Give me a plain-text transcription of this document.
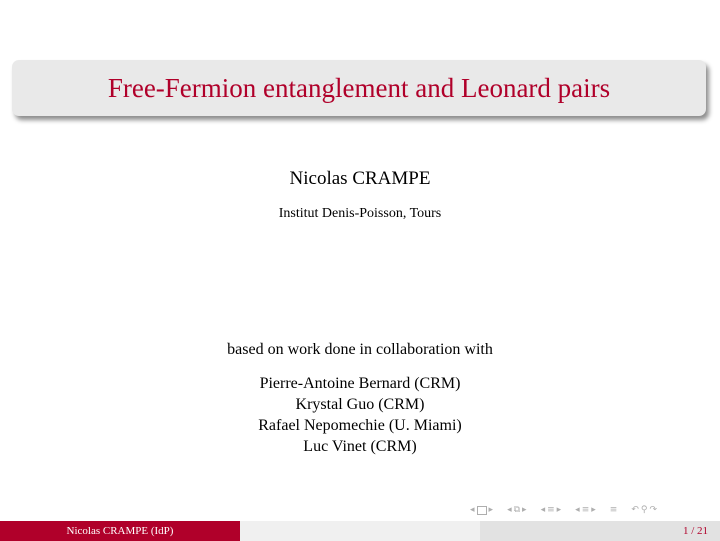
Free-Fermion entanglement and Leonard pairs
Nicolas CRAMPE
Institut Denis-Poisson, Tours
based on work done in collaboration with
Pierre-Antoine Bernard (CRM)
Krystal Guo (CRM)
Rafael Nepomechie (U. Miami)
Luc Vinet (CRM)
◂ ▸ ◂ ⧉ ▸ ◂ ≡ ▸ ◂ ≡ ▸ ≡ ↶ ⚲ ↷
Nicolas CRAMPE (IdP)	1 / 21
